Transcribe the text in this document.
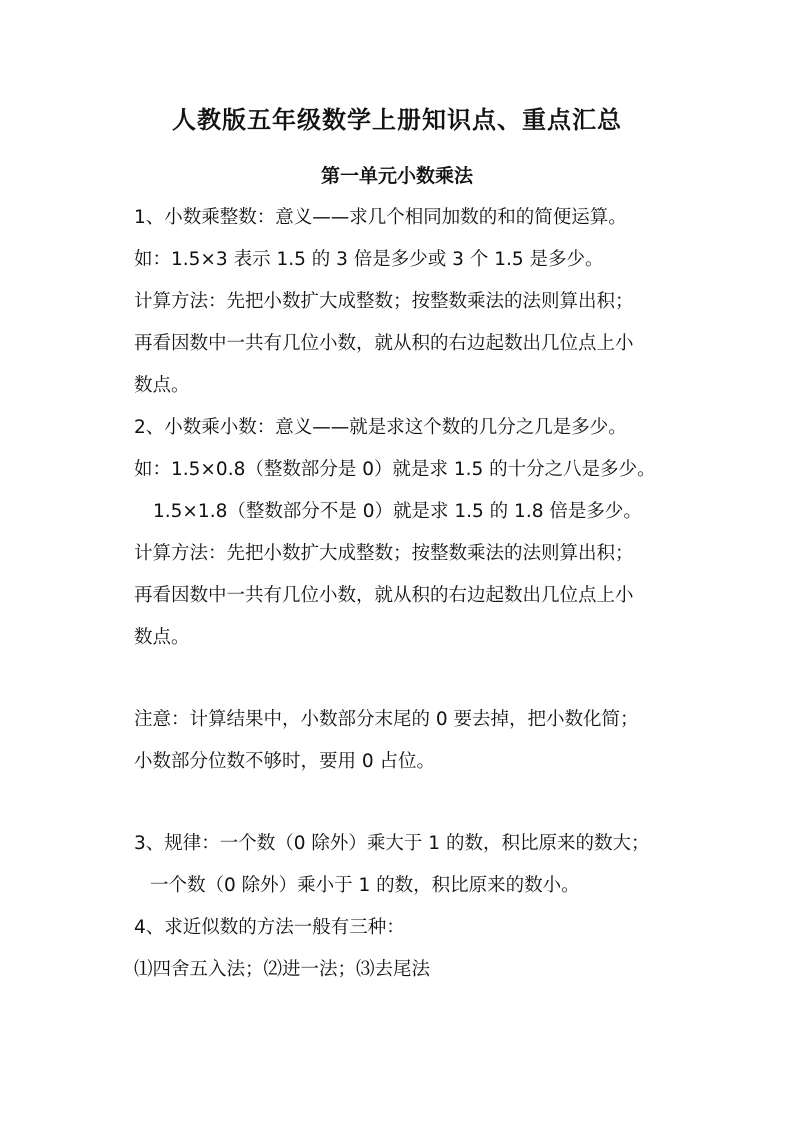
人教版五年级数学上册知识点、重点汇总
第一单元小数乘法
1、小数乘整数：意义——求几个相同加数的和的简便运算。
如：1.5×3 表示 1.5 的 3 倍是多少或 3 个 1.5 是多少。
计算方法：先把小数扩大成整数；按整数乘法的法则算出积；
再看因数中一共有几位小数，就从积的右边起数出几位点上小
数点。
2、小数乘小数：意义——就是求这个数的几分之几是多少。
如：1.5×0.8（整数部分是 0）就是求 1.5 的十分之八是多少。
1.5×1.8（整数部分不是 0）就是求 1.5 的 1.8 倍是多少。
计算方法：先把小数扩大成整数；按整数乘法的法则算出积；
再看因数中一共有几位小数，就从积的右边起数出几位点上小
数点。
注意：计算结果中，小数部分末尾的 0 要去掉，把小数化简；
小数部分位数不够时，要用 0 占位。
3、规律：一个数（0 除外）乘大于 1 的数，积比原来的数大；
一个数（0 除外）乘小于 1 的数，积比原来的数小。
4、求近似数的方法一般有三种：
⑴四舍五入法；⑵进一法；⑶去尾法
